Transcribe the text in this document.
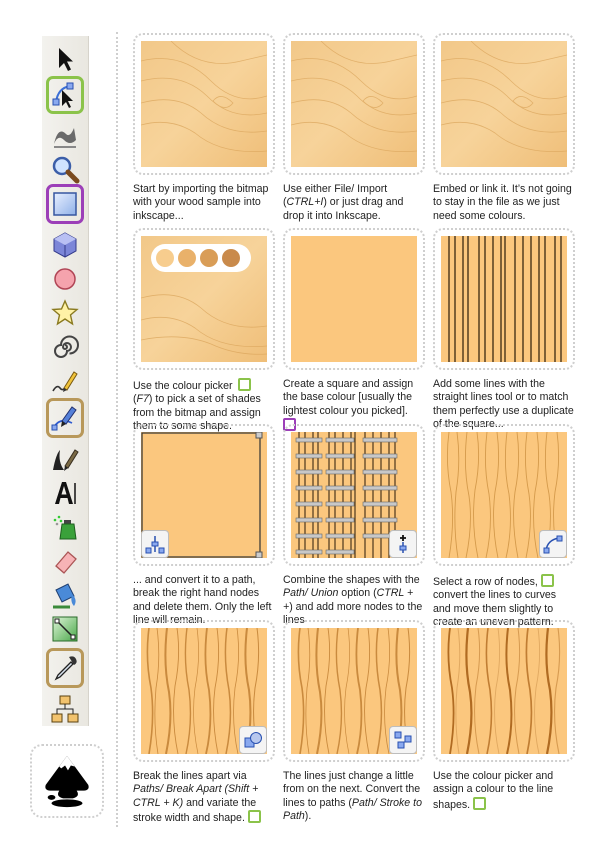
Start by importing the bitmap with your wood sample into inkscape...
Use either File/ Import (CTRL+I) or just drag and drop it into Inkscape.
Embed or link it. It’s not going to stay in the file as we just need some colours.
Use the colour picker
(F7) to pick a set of shades from the bitmap and assign them to some shape.
Create a square and assign the base colour [usually the lightest colour you picked].

Add some lines with the straight lines tool or to match them perfectly use a duplicate of the square...
... and convert it to a path, break the right hand nodes and delete them. Only the left line will remain.
Combine the shapes with the Path/ Union option (CTRL + +) and add more nodes to the lines
Select a row of nodes,
convert the lines to curves and move them slightly to create an uneven pattern.
Break the lines apart via Paths/ Break Apart (Shift + CTRL + K) and variate the stroke width and shape.
The lines just change a little from on the next. Convert the lines to paths (Path/ Stroke to Path).
Use the colour picker and assign a colour to the line shapes.
